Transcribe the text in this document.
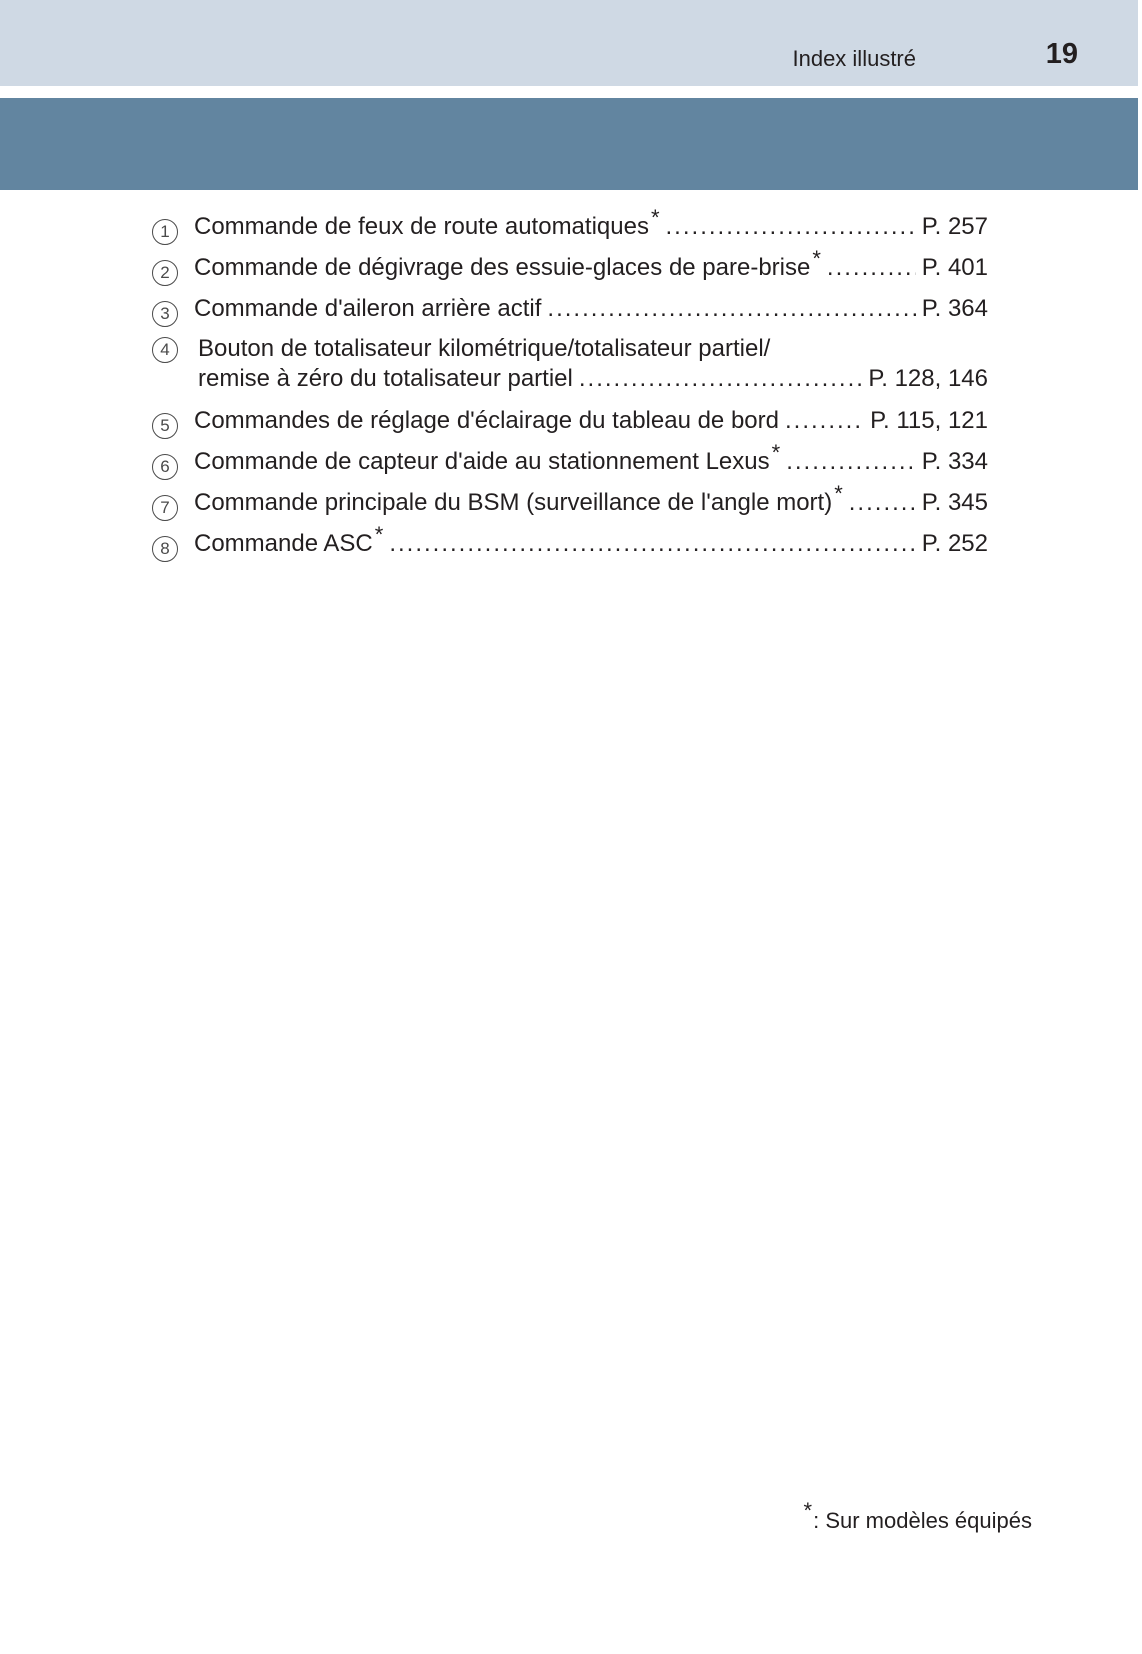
Index illustré	19
1	Commande de feux de route automatiques* .....	P. 257
2	Commande de dégivrage des essuie-glaces de pare-brise* .....	P. 401
3	Commande d'aileron arrière actif .....	P. 364
4	Bouton de totalisateur kilométrique/totalisateur partiel/
remise à zéro du totalisateur partiel .....	P. 128, 146
5	Commandes de réglage d'éclairage du tableau de bord .....	P. 115, 121
6	Commande de capteur d'aide au stationnement Lexus* .....	P. 334
7	Commande principale du BSM (surveillance de l'angle mort)* .....	P. 345
8	Commande ASC* .....	P. 252
*: Sur modèles équipés
